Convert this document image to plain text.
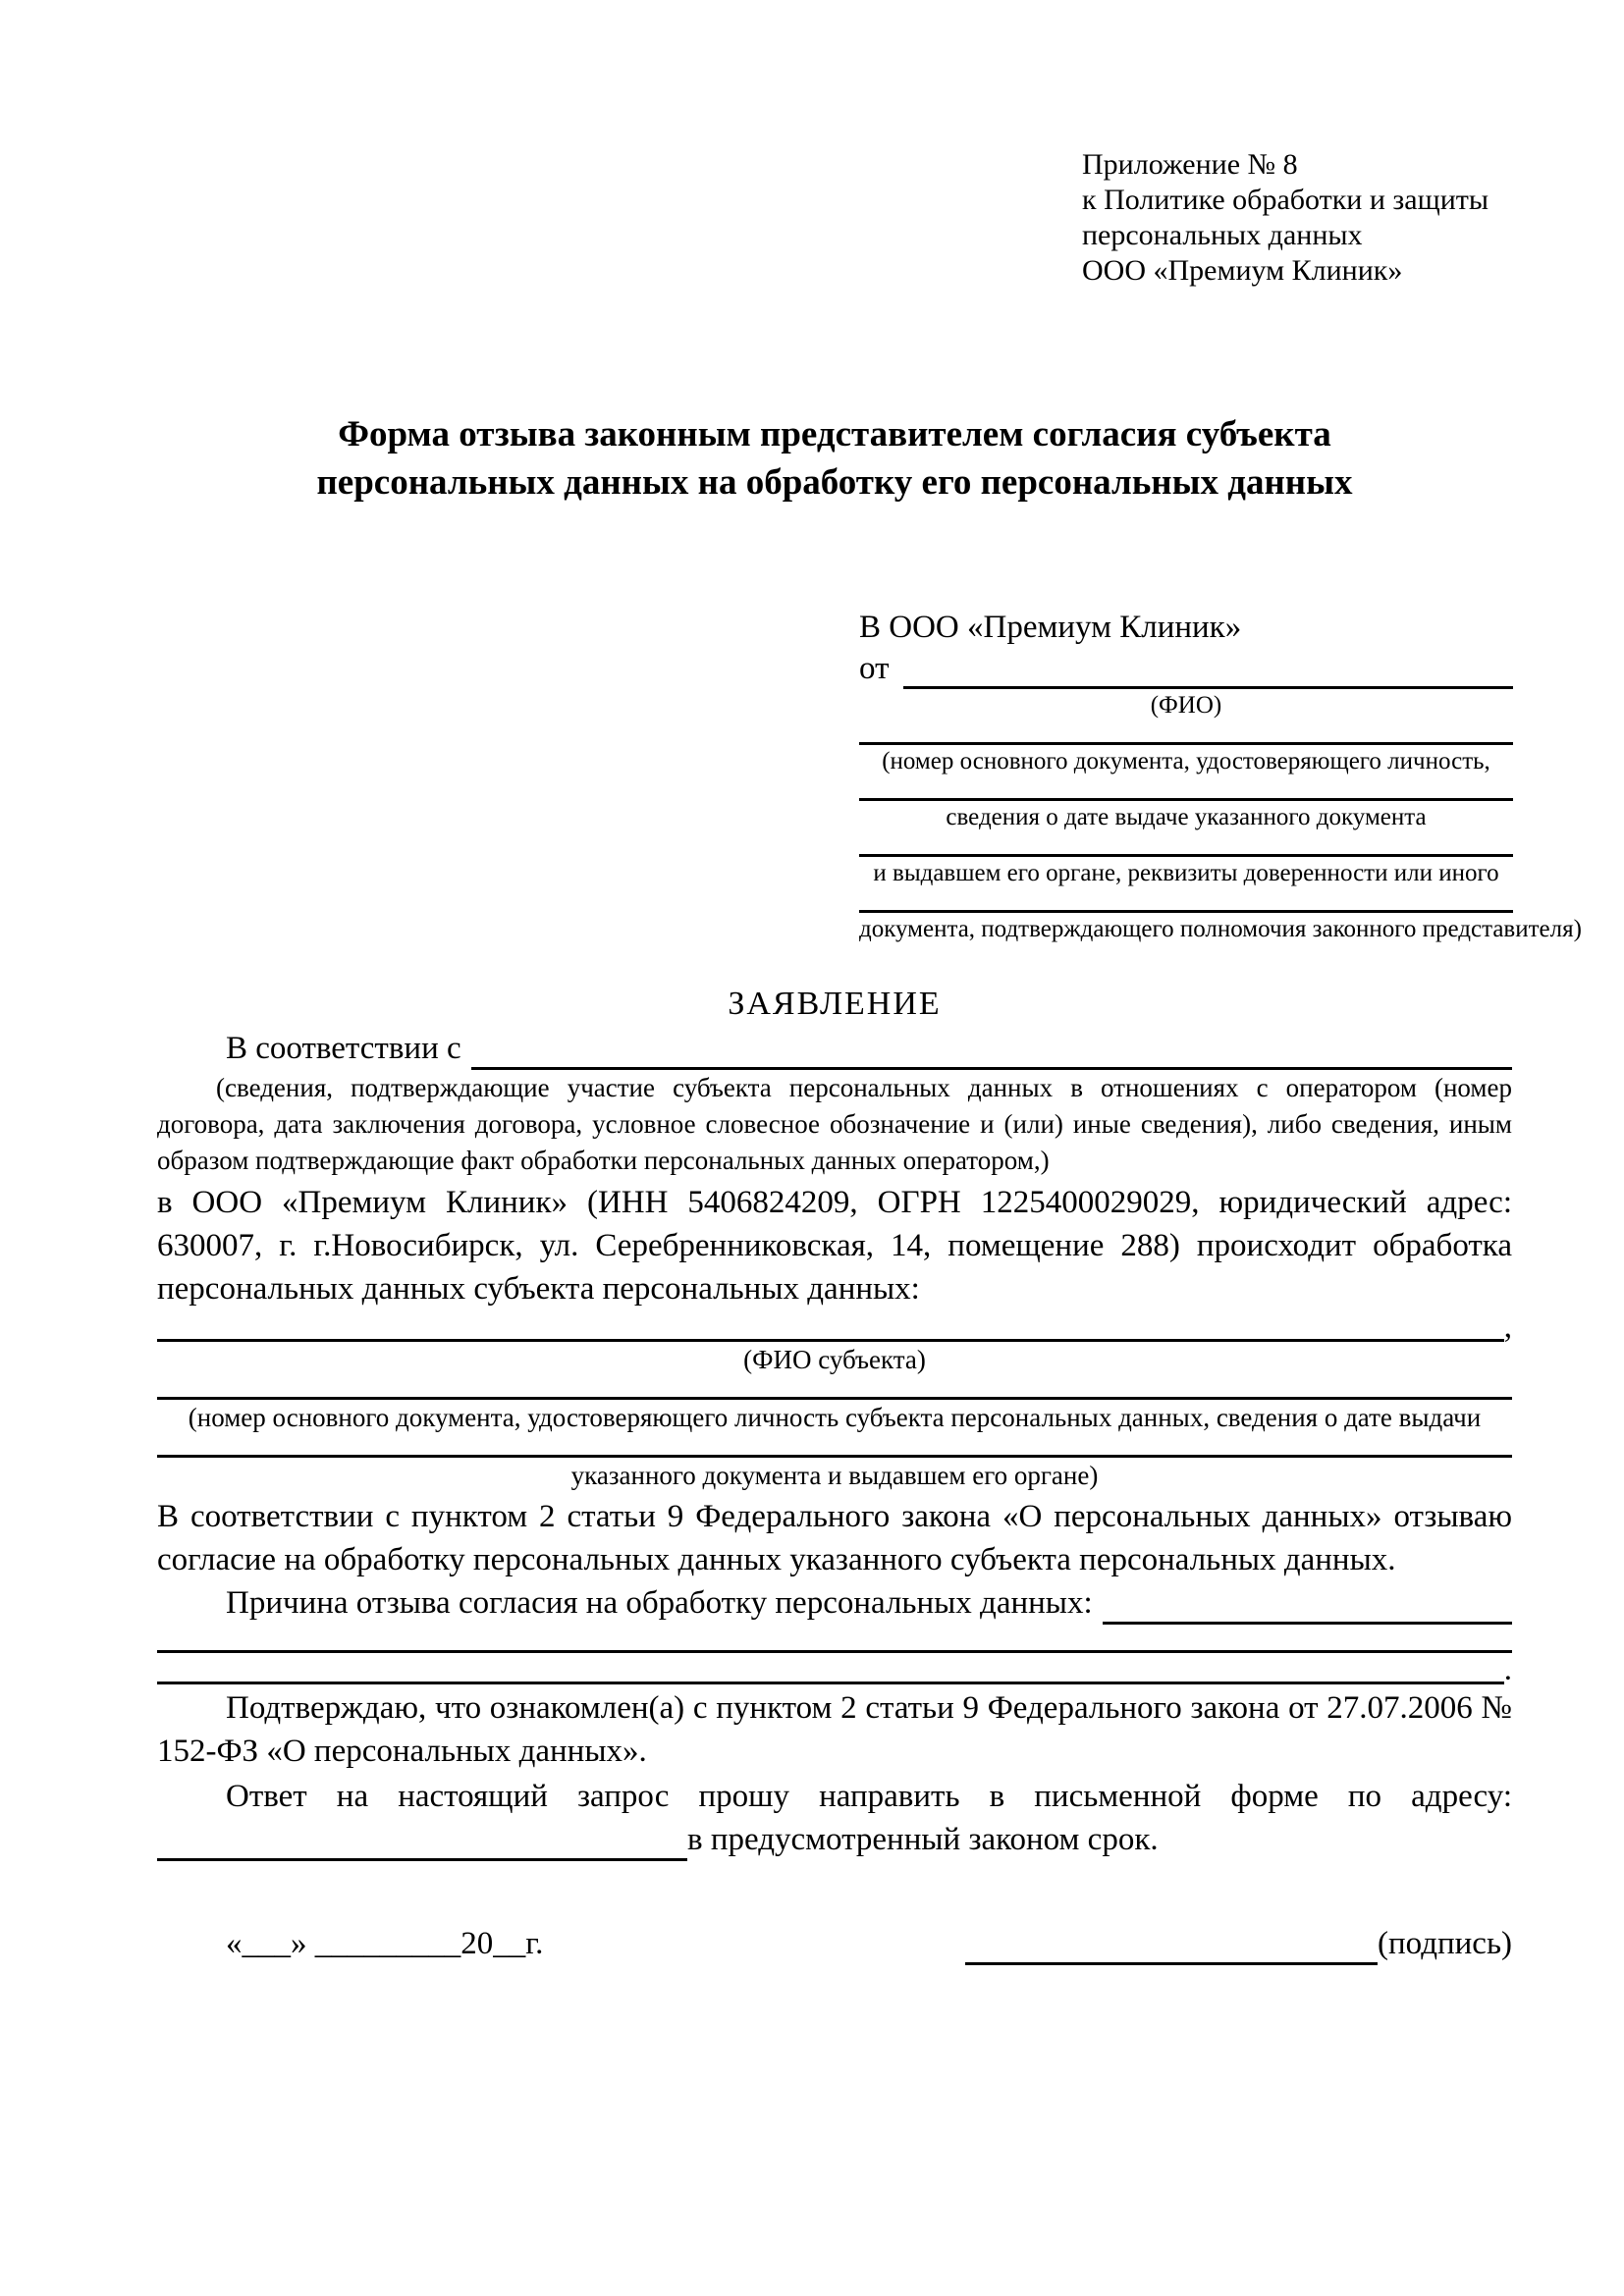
Приложение № 8
к Политике обработки и защиты
персональных данных
ООО «Премиум Клиник»
Форма отзыва законным представителем согласия субъекта персональных данных на обработку его персональных данных
В ООО «Премиум Клиник»
от
(ФИО)
(номер основного документа, удостоверяющего личность,
сведения о дате выдаче указанного документа
и выдавшем его органе, реквизиты доверенности или иного
документа, подтверждающего полномочия законного представителя)
ЗАЯВЛЕНИЕ
В соответствии с
(сведения, подтверждающие участие субъекта персональных данных в отношениях с оператором (номер договора, дата заключения договора, условное словесное обозначение и (или) иные сведения), либо сведения, иным образом подтверждающие факт обработки персональных данных оператором,)
в ООО «Премиум Клиник» (ИНН 5406824209, ОГРН 1225400029029, юридический адрес: 630007, г. г.Новосибирск, ул. Серебренниковская, 14, помещение 288) происходит обработка персональных данных субъекта персональных данных:
,
(ФИО субъекта)
(номер основного документа, удостоверяющего личность субъекта персональных данных, сведения о дате выдачи
указанного документа и выдавшем его органе)
В соответствии с пунктом 2 статьи 9 Федерального закона «О персональных данных» отзываю согласие на обработку персональных данных указанного субъекта персональных данных.
Причина отзыва согласия на обработку персональных данных:
.
Подтверждаю, что ознакомлен(а) с пунктом 2 статьи 9 Федерального закона от 27.07.2006 № 152-ФЗ «О персональных данных».
Ответ на настоящий запрос прошу направить в письменной форме по адресу:
в предусмотренный законом срок.
«___» _________20__г.	(подпись)
